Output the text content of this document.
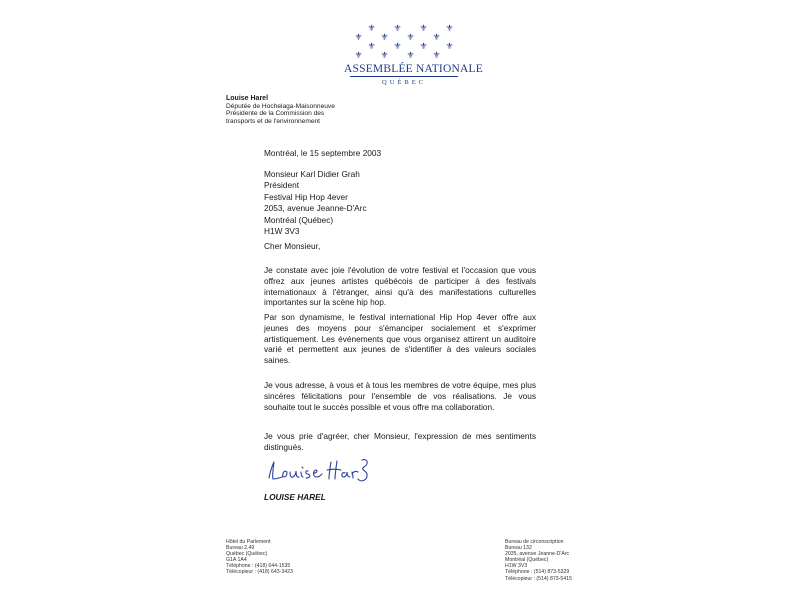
⚜ ⚜ ⚜ ⚜
⚜ ⚜ ⚜ ⚜
⚜ ⚜ ⚜ ⚜
⚜ ⚜ ⚜ ⚜
ASSEMBLÉE NATIONALE
QUÉBEC
Louise Harel
Députée de Hochelaga-Maisonneuve
Présidente de la Commission des
transports et de l'environnement
Montréal, le 15 septembre 2003
Monsieur Karl Didier Grah
Président
Festival Hip Hop 4ever
2053, avenue Jeanne-D'Arc
Montréal (Québec)
H1W 3V3
Cher Monsieur,

Je constate avec joie l'évolution de votre festival et l'occasion que vous offrez aux jeunes artistes québécois de participer à des festivals internationaux à l'étranger, ainsi qu'à des manifestations culturelles importantes sur la scène hip hop.

Par son dynamisme, le festival international Hip Hop 4ever offre aux jeunes des moyens pour s'émanciper socialement et s'exprimer artistiquement. Les événements que vous organisez attirent un auditoire varié et permettent aux jeunes de s'identifier à des valeurs sociales saines.

Je vous adresse, à vous et à tous les membres de votre équipe, mes plus sincères félicitations pour l'ensemble de vos réalisations. Je vous souhaite tout le succès possible et vous offre ma collaboration.

Je vous prie d'agréer, cher Monsieur, l'expression de mes sentiments distingués.

LOUISE HAREL
Hôtel du Parlement
Bureau 2.49
Québec (Québec)
G1A 1A4
Téléphone : (418) 644-1535
Télécopieur : (418) 643-3423
Bureau de circonscription
Bureau 132
2035, avenue Jeanne-D'Arc
Montréal (Québec)
H1W 3V3
Téléphone : (514) 873-5329
Télécopieur : (514) 873-5415
